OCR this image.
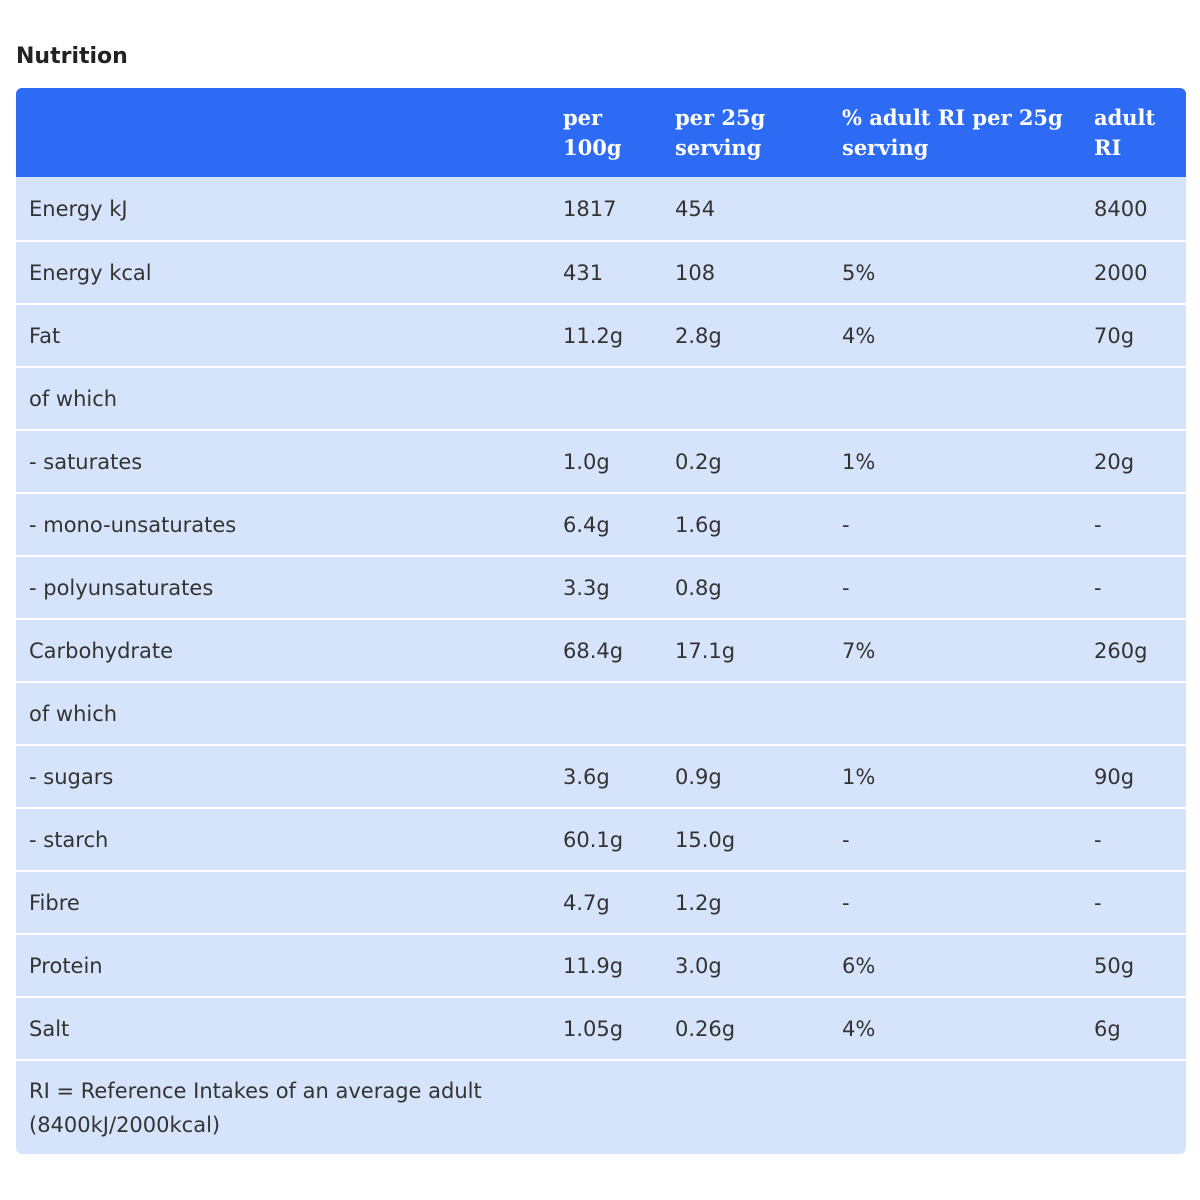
Nutrition
	per 100g	per 25g serving	% adult RI per 25g serving	adult RI
Energy kJ	1817	454		8400
Energy kcal	431	108	5%	2000
Fat	11.2g	2.8g	4%	70g
of which				
- saturates	1.0g	0.2g	1%	20g
- mono-unsaturates	6.4g	1.6g	-	-
- polyunsaturates	3.3g	0.8g	-	-
Carbohydrate	68.4g	17.1g	7%	260g
of which				
- sugars	3.6g	0.9g	1%	90g
- starch	60.1g	15.0g	-	-
Fibre	4.7g	1.2g	-	-
Protein	11.9g	3.0g	6%	50g
Salt	1.05g	0.26g	4%	6g

RI = Reference Intakes of an average adult (8400kJ/2000kcal)				
